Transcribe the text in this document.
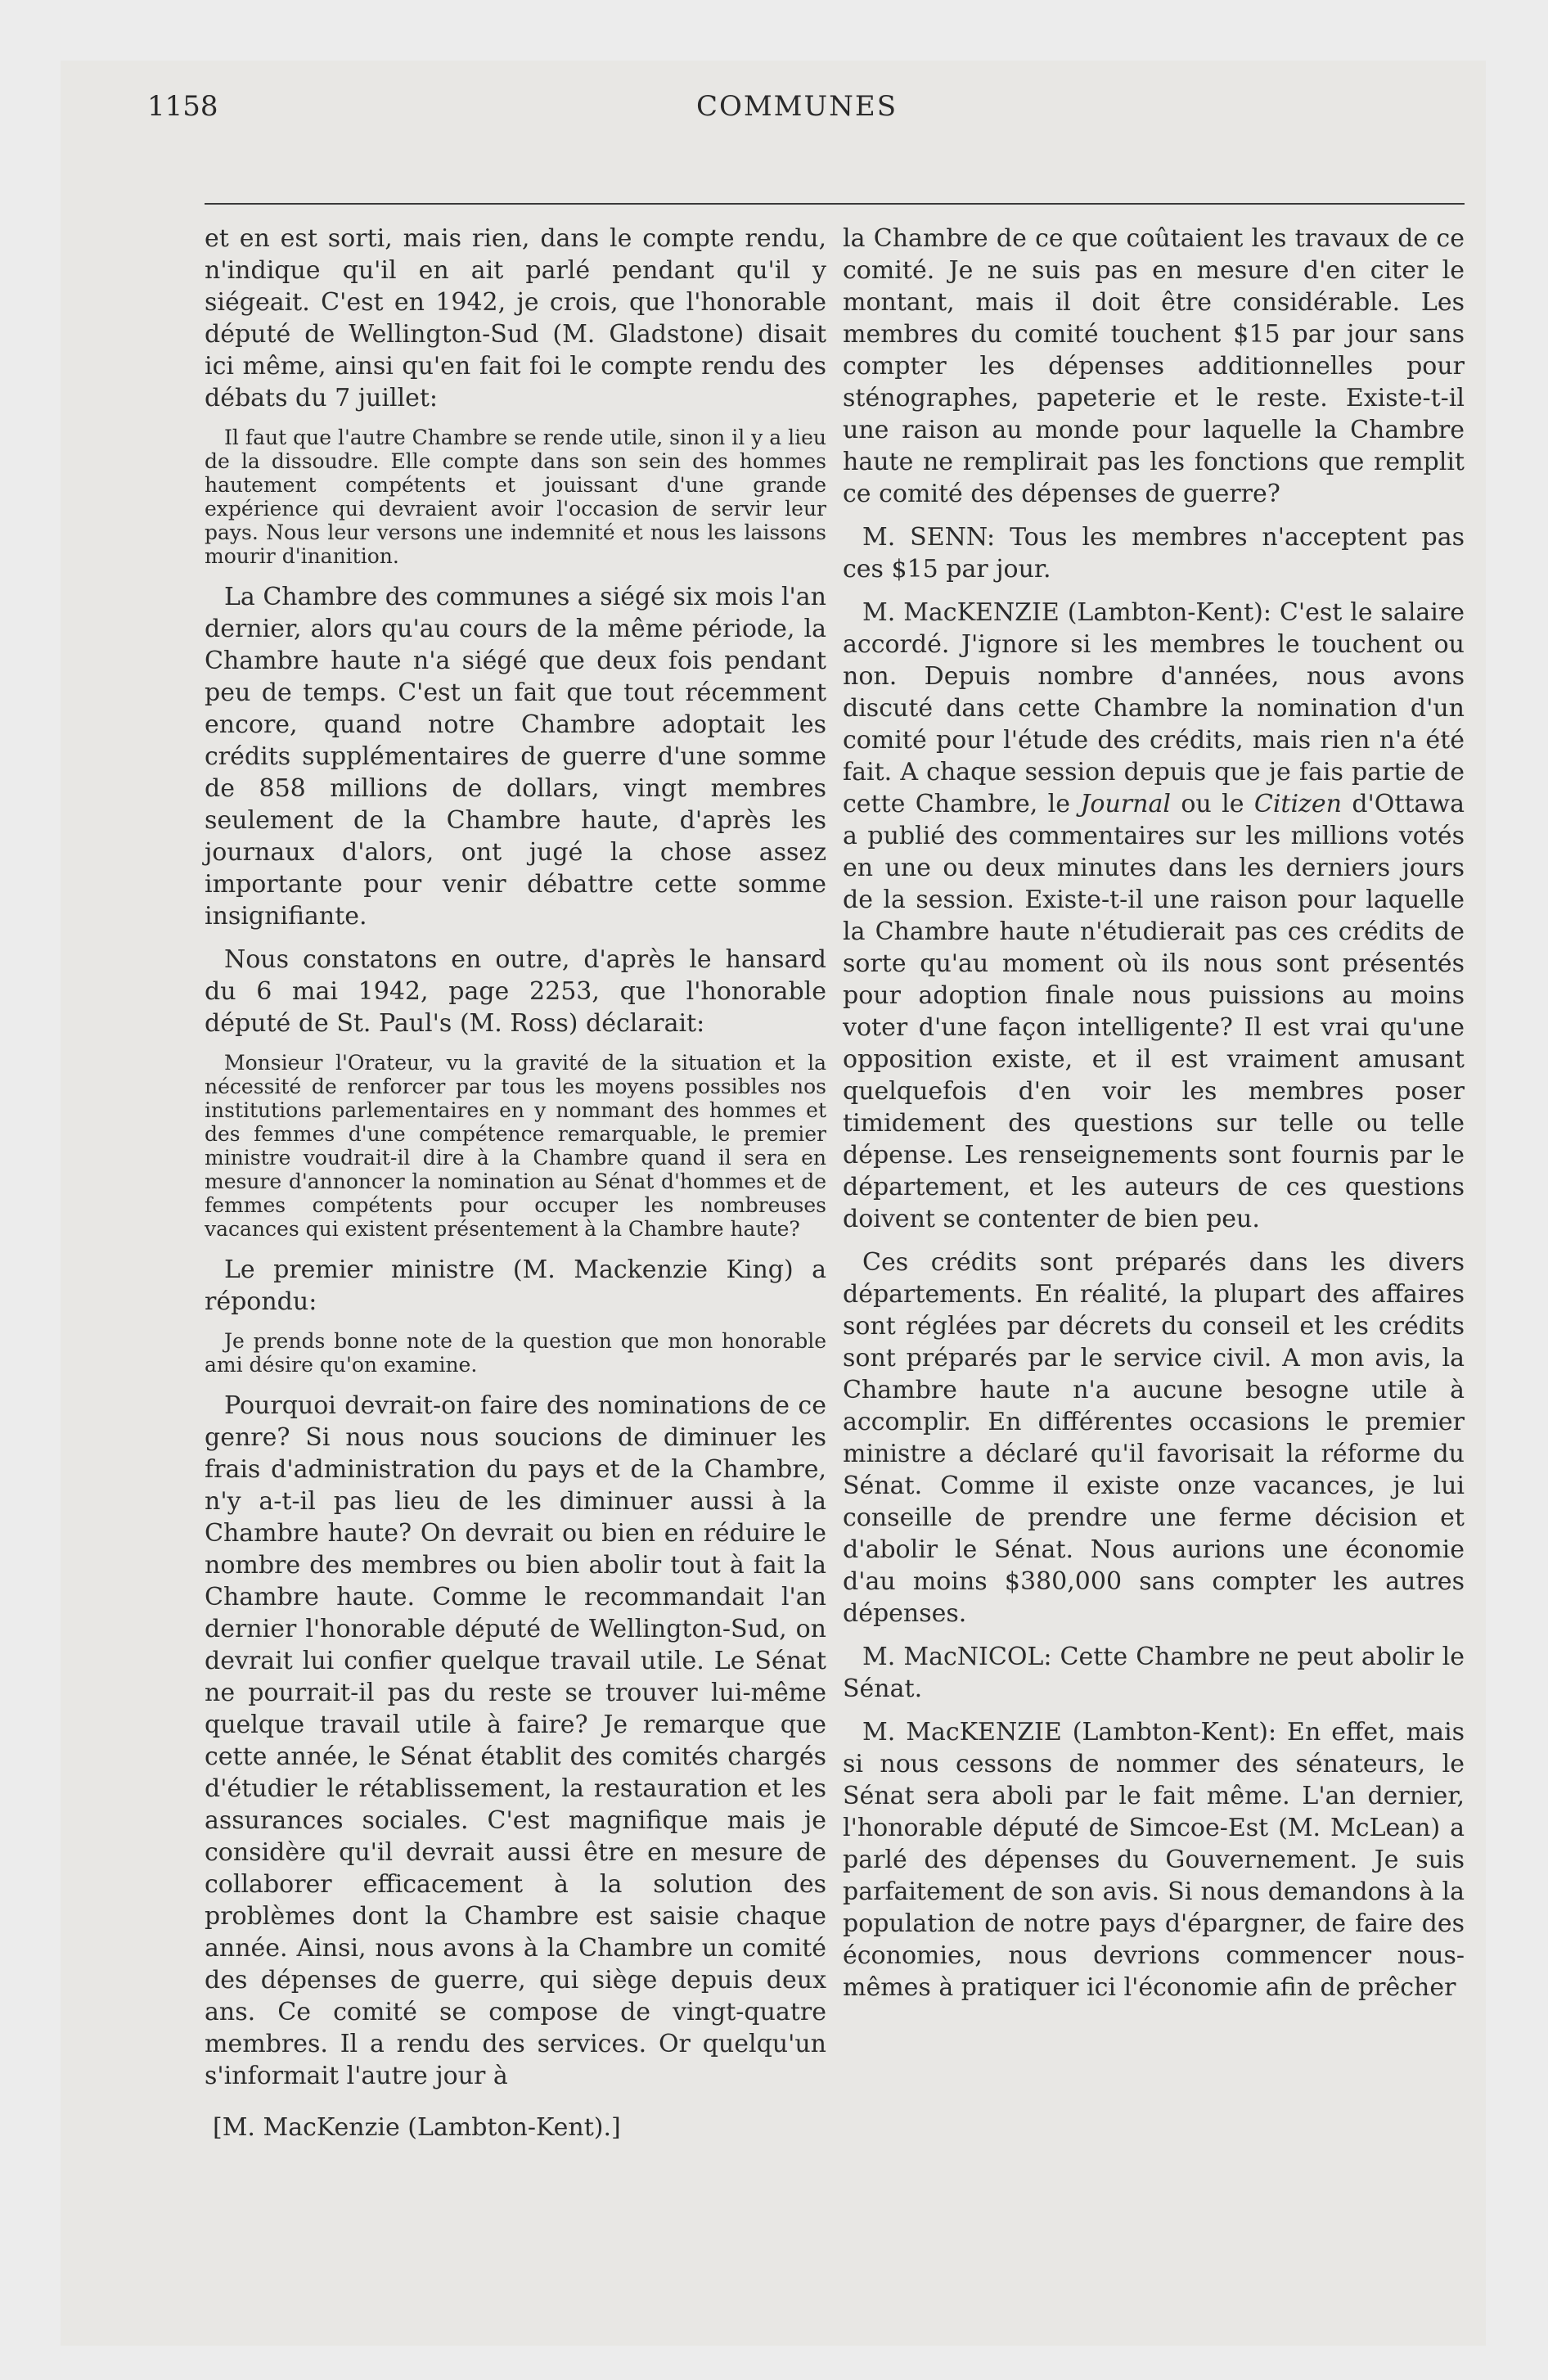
1158	COMMUNES

et en est sorti, mais rien, dans le compte rendu, n'indique qu'il en ait parlé pendant qu'il y siégeait. C'est en 1942, je crois, que l'honorable député de Wellington-Sud (M. Gladstone) disait ici même, ainsi qu'en fait foi le compte rendu des débats du 7 juillet:

Il faut que l'autre Chambre se rende utile, sinon il y a lieu de la dissoudre. Elle compte dans son sein des hommes hautement compétents et jouissant d'une grande expérience qui devraient avoir l'occasion de servir leur pays. Nous leur versons une indemnité et nous les laissons mourir d'inanition.

La Chambre des communes a siégé six mois l'an dernier, alors qu'au cours de la même période, la Chambre haute n'a siégé que deux fois pendant peu de temps. C'est un fait que tout récemment encore, quand notre Chambre adoptait les crédits supplémentaires de guerre d'une somme de 858 millions de dollars, vingt membres seulement de la Chambre haute, d'après les journaux d'alors, ont jugé la chose assez importante pour venir débattre cette somme insignifiante.

Nous constatons en outre, d'après le hansard du 6 mai 1942, page 2253, que l'honorable député de St. Paul's (M. Ross) déclarait:

Monsieur l'Orateur, vu la gravité de la situation et la nécessité de renforcer par tous les moyens possibles nos institutions parlementaires en y nommant des hommes et des femmes d'une compétence remarquable, le premier ministre voudrait-il dire à la Chambre quand il sera en mesure d'annoncer la nomination au Sénat d'hommes et de femmes compétents pour occuper les nombreuses vacances qui existent présentement à la Chambre haute?

Le premier ministre (M. Mackenzie King) a répondu:

Je prends bonne note de la question que mon honorable ami désire qu'on examine.

Pourquoi devrait-on faire des nominations de ce genre? Si nous nous soucions de diminuer les frais d'administration du pays et de la Chambre, n'y a-t-il pas lieu de les diminuer aussi à la Chambre haute? On devrait ou bien en réduire le nombre des membres ou bien abolir tout à fait la Chambre haute. Comme le recommandait l'an dernier l'honorable député de Wellington-Sud, on devrait lui confier quelque travail utile. Le Sénat ne pourrait-il pas du reste se trouver lui-même quelque travail utile à faire? Je remarque que cette année, le Sénat établit des comités chargés d'étudier le rétablissement, la restauration et les assurances sociales. C'est magnifique mais je considère qu'il devrait aussi être en mesure de collaborer efficacement à la solution des problèmes dont la Chambre est saisie chaque année. Ainsi, nous avons à la Chambre un comité des dépenses de guerre, qui siège depuis deux ans. Ce comité se compose de vingt-quatre membres. Il a rendu des services. Or quelqu'un s'informait l'autre jour à

[M. MacKenzie (Lambton-Kent).]

la Chambre de ce que coûtaient les travaux de ce comité. Je ne suis pas en mesure d'en citer le montant, mais il doit être considérable. Les membres du comité touchent $15 par jour sans compter les dépenses additionnelles pour sténographes, papeterie et le reste. Existe-t-il une raison au monde pour laquelle la Chambre haute ne remplirait pas les fonctions que remplit ce comité des dépenses de guerre?

M. SENN: Tous les membres n'acceptent pas ces $15 par jour.

M. MacKENZIE (Lambton-Kent): C'est le salaire accordé. J'ignore si les membres le touchent ou non. Depuis nombre d'années, nous avons discuté dans cette Chambre la nomination d'un comité pour l'étude des crédits, mais rien n'a été fait. A chaque session depuis que je fais partie de cette Chambre, le Journal ou le Citizen d'Ottawa a publié des commentaires sur les millions votés en une ou deux minutes dans les derniers jours de la session. Existe-t-il une raison pour laquelle la Chambre haute n'étudierait pas ces crédits de sorte qu'au moment où ils nous sont présentés pour adoption finale nous puissions au moins voter d'une façon intelligente? Il est vrai qu'une opposition existe, et il est vraiment amusant quelquefois d'en voir les membres poser timidement des questions sur telle ou telle dépense. Les renseignements sont fournis par le département, et les auteurs de ces questions doivent se contenter de bien peu.

Ces crédits sont préparés dans les divers départements. En réalité, la plupart des affaires sont réglées par décrets du conseil et les crédits sont préparés par le service civil. A mon avis, la Chambre haute n'a aucune besogne utile à accomplir. En différentes occasions le premier ministre a déclaré qu'il favorisait la réforme du Sénat. Comme il existe onze vacances, je lui conseille de prendre une ferme décision et d'abolir le Sénat. Nous aurions une économie d'au moins $380,000 sans compter les autres dépenses.

M. MacNICOL: Cette Chambre ne peut abolir le Sénat.

M. MacKENZIE (Lambton-Kent): En effet, mais si nous cessons de nommer des sénateurs, le Sénat sera aboli par le fait même. L'an dernier, l'honorable député de Simcoe-Est (M. McLean) a parlé des dépenses du Gouvernement. Je suis parfaitement de son avis. Si nous demandons à la population de notre pays d'épargner, de faire des économies, nous devrions commencer nous-mêmes à pratiquer ici l'économie afin de prêcher
